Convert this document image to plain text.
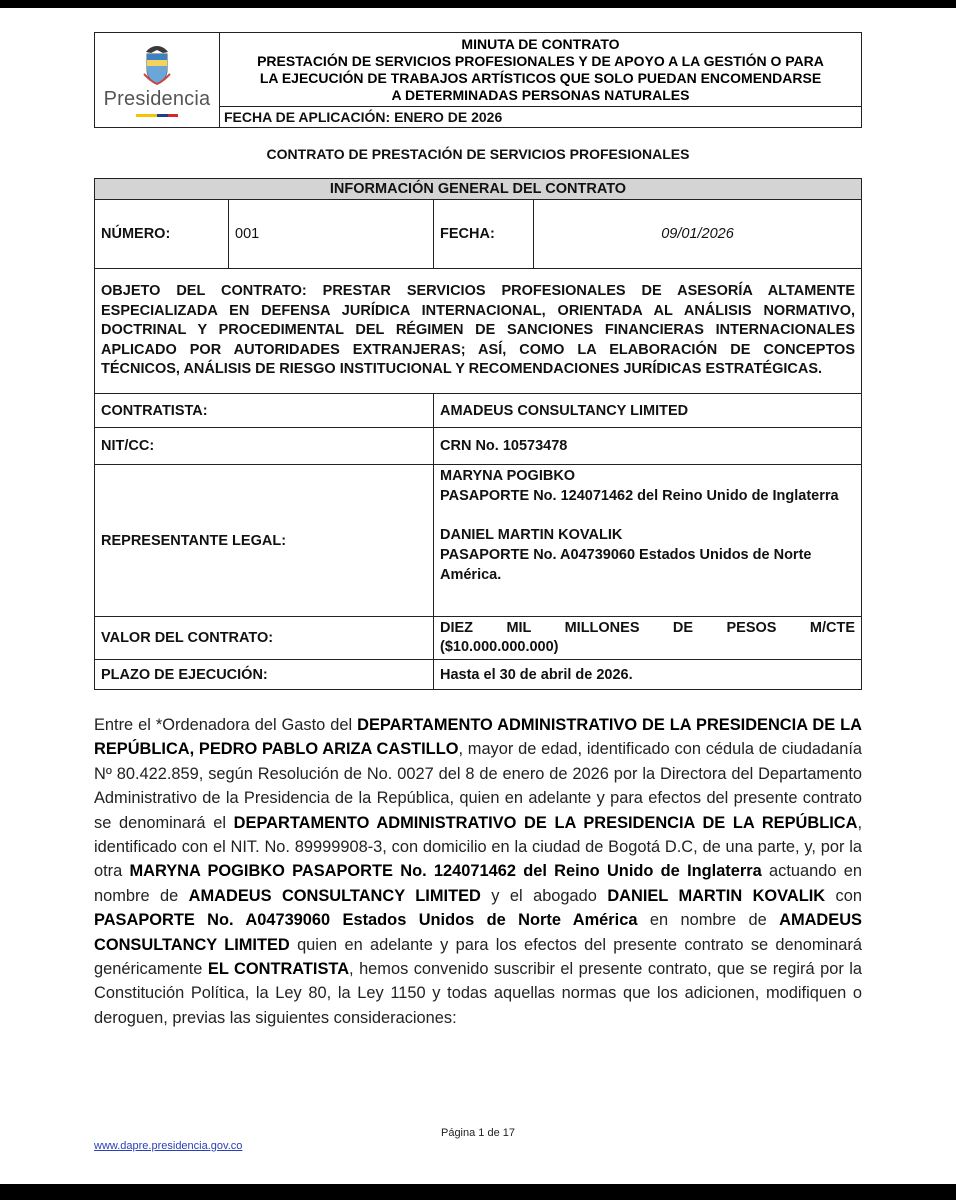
Presidencia

MINUTA DE CONTRATO
PRESTACIÓN DE SERVICIOS PROFESIONALES Y DE APOYO A LA GESTIÓN O PARA
LA EJECUCIÓN DE TRABAJOS ARTÍSTICOS QUE SOLO PUEDAN ENCOMENDARSE
A DETERMINADAS PERSONAS NATURALES

FECHA DE APLICACIÓN: ENERO DE 2026
CONTRATO DE PRESTACIÓN DE SERVICIOS PROFESIONALES
INFORMACIÓN GENERAL DEL CONTRATO			
NÚMERO:	001	FECHA:	09/01/2026
OBJETO DEL CONTRATO: PRESTAR SERVICIOS PROFESIONALES DE ASESORÍA ALTAMENTE ESPECIALIZADA EN DEFENSA JURÍDICA INTERNACIONAL, ORIENTADA AL ANÁLISIS NORMATIVO, DOCTRINAL Y PROCEDIMENTAL DEL RÉGIMEN DE SANCIONES FINANCIERAS INTERNACIONALES APLICADO POR AUTORIDADES EXTRANJERAS; ASÍ, COMO LA ELABORACIÓN DE CONCEPTOS TÉCNICOS, ANÁLISIS DE RIESGO INSTITUCIONAL Y RECOMENDACIONES JURÍDICAS ESTRATÉGICAS.			
CONTRATISTA:		AMADEUS CONSULTANCY LIMITED	
NIT/CC:		CRN No. 10573478	
REPRESENTANTE LEGAL:		MARYNA POGIBKO
PASAPORTE No. 124071462 del Reino Unido de Inglaterra
DANIEL MARTIN KOVALIK
PASAPORTE No. A04739060 Estados Unidos de Norte América.	

VALOR DEL CONTRATO:		DIEZ MIL MILLONES DE PESOS M/CTE
($10.000.000.000)	

PLAZO DE EJECUCIÓN:		Hasta el 30 de abril de 2026.	
Entre el *Ordenadora del Gasto del DEPARTAMENTO ADMINISTRATIVO DE LA PRESIDENCIA DE LA REPÚBLICA, PEDRO PABLO ARIZA CASTILLO, mayor de edad, identificado con cédula de ciudadanía Nº 80.422.859, según Resolución de No. 0027 del 8 de enero de 2026 por la Directora del Departamento Administrativo de la Presidencia de la República, quien en adelante y para efectos del presente contrato se denominará el DEPARTAMENTO ADMINISTRATIVO DE LA PRESIDENCIA DE LA REPÚBLICA, identificado con el NIT. No. 89999908-3, con domicilio en la ciudad de Bogotá D.C, de una parte, y, por la otra MARYNA POGIBKO PASAPORTE No. 124071462 del Reino Unido de Inglaterra actuando en nombre de AMADEUS CONSULTANCY LIMITED y el abogado DANIEL MARTIN KOVALIK con PASAPORTE No. A04739060 Estados Unidos de Norte América en nombre de AMADEUS CONSULTANCY LIMITED quien en adelante y para los efectos del presente contrato se denominará genéricamente EL CONTRATISTA, hemos convenido suscribir el presente contrato, que se regirá por la Constitución Política, la Ley 80, la Ley 1150 y todas aquellas normas que los adicionen, modifiquen o deroguen, previas las siguientes consideraciones:
Página 1 de 17
www.dapre.presidencia.gov.co
